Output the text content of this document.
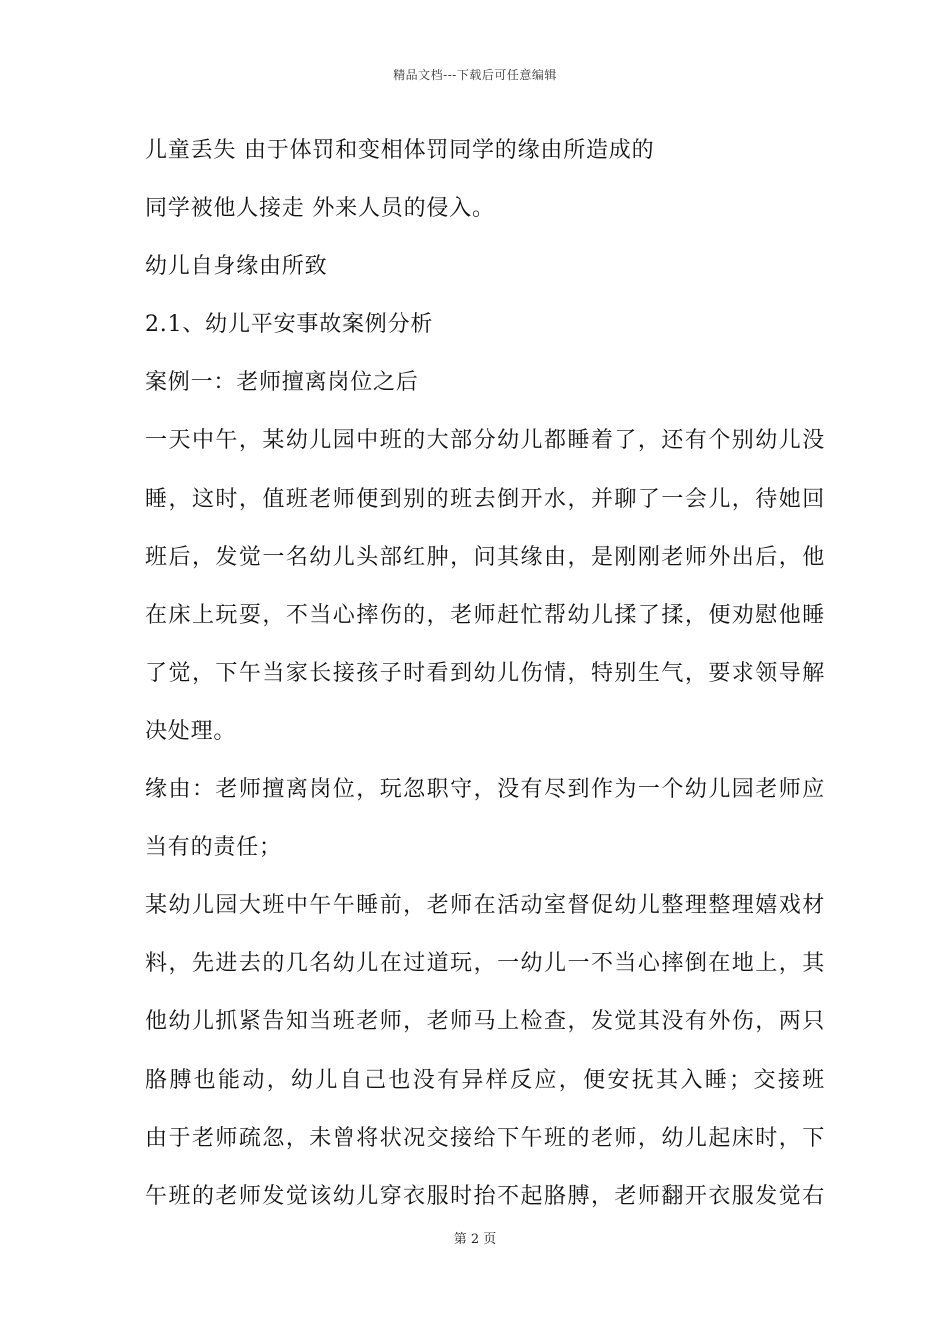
精品文档---下载后可任意编辑
儿童丢失 由于体罚和变相体罚同学的缘由所造成的
同学被他人接走 外来人员的侵入。
幼儿自身缘由所致
2.1、幼儿平安事故案例分析
案例一：老师擅离岗位之后
一天中午，某幼儿园中班的大部分幼儿都睡着了，还有个别幼儿没
睡，这时，值班老师便到别的班去倒开水，并聊了一会儿，待她回
班后，发觉一名幼儿头部红肿，问其缘由，是刚刚老师外出后，他
在床上玩耍，不当心摔伤的，老师赶忙帮幼儿揉了揉，便劝慰他睡
了觉，下午当家长接孩子时看到幼儿伤情，特别生气，要求领导解
决处理。
缘由：老师擅离岗位，玩忽职守，没有尽到作为一个幼儿园老师应
当有的责任；
某幼儿园大班中午午睡前，老师在活动室督促幼儿整理整理嬉戏材
料，先进去的几名幼儿在过道玩，一幼儿一不当心摔倒在地上，其
他幼儿抓紧告知当班老师，老师马上检查，发觉其没有外伤，两只
胳膊也能动，幼儿自己也没有异样反应，便安抚其入睡；交接班
由于老师疏忽，未曾将状况交接给下午班的老师，幼儿起床时，下
午班的老师发觉该幼儿穿衣服时抬不起胳膊，老师翻开衣服发觉右
第 2 页
